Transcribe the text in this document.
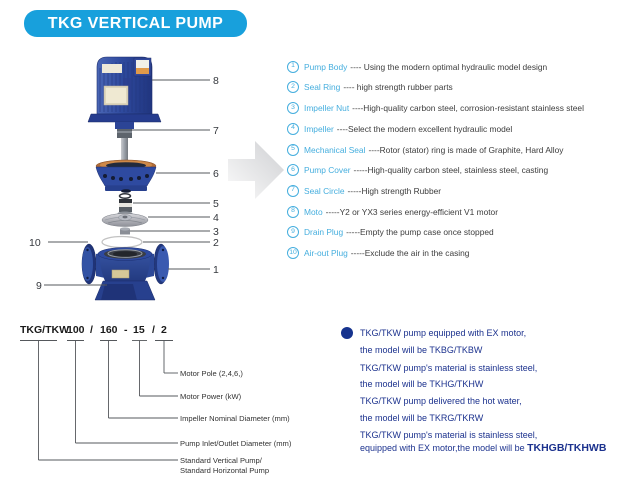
TKG VERTICAL PUMP
8
7
6
5
4
3
2
10
1
9
1	Pump Body ---- Using the modern optimal hydraulic model design
2	Seal Ring ---- high strength rubber parts
3	Impeller Nut ----High-quality carbon steel, corrosion-resistant stainless steel
4	Impeller ----Select the modern excellent hydraulic model
5	Mechanical Seal ----Rotor (stator) ring is made of Graphite, Hard Alloy
6	Pump Cover -----High-quality carbon steel, stainless steel, casting
7	Seal Circle -----High strength Rubber
8	Moto -----Y2 or YX3 series energy-efficient V1 motor
9	Drain Plug -----Empty the pump case once stopped
10 Air-out Plug -----Exclude the air in the casing
TKG/TKW
100 / 160 - 15 / 2
Motor Pole (2,4,6,)
Motor Power (kW)
Impeller Nominal Diameter (mm)
Pump Inlet/Outlet Diameter (mm)
Standard Vertical Pump/
Standard Horizontal Pump
TKG/TKW pump equipped with EX motor,
the model will be TKBG/TKBW
TKG/TKW pump's material is stainless steel,
the model will be TKHG/TKHW
TKG/TKW pump delivered the hot water,
the model will be TKRG/TKRW
TKG/TKW pump's material is stainless steel,
equipped with EX motor,the model will be TKHGB/TKHWB
